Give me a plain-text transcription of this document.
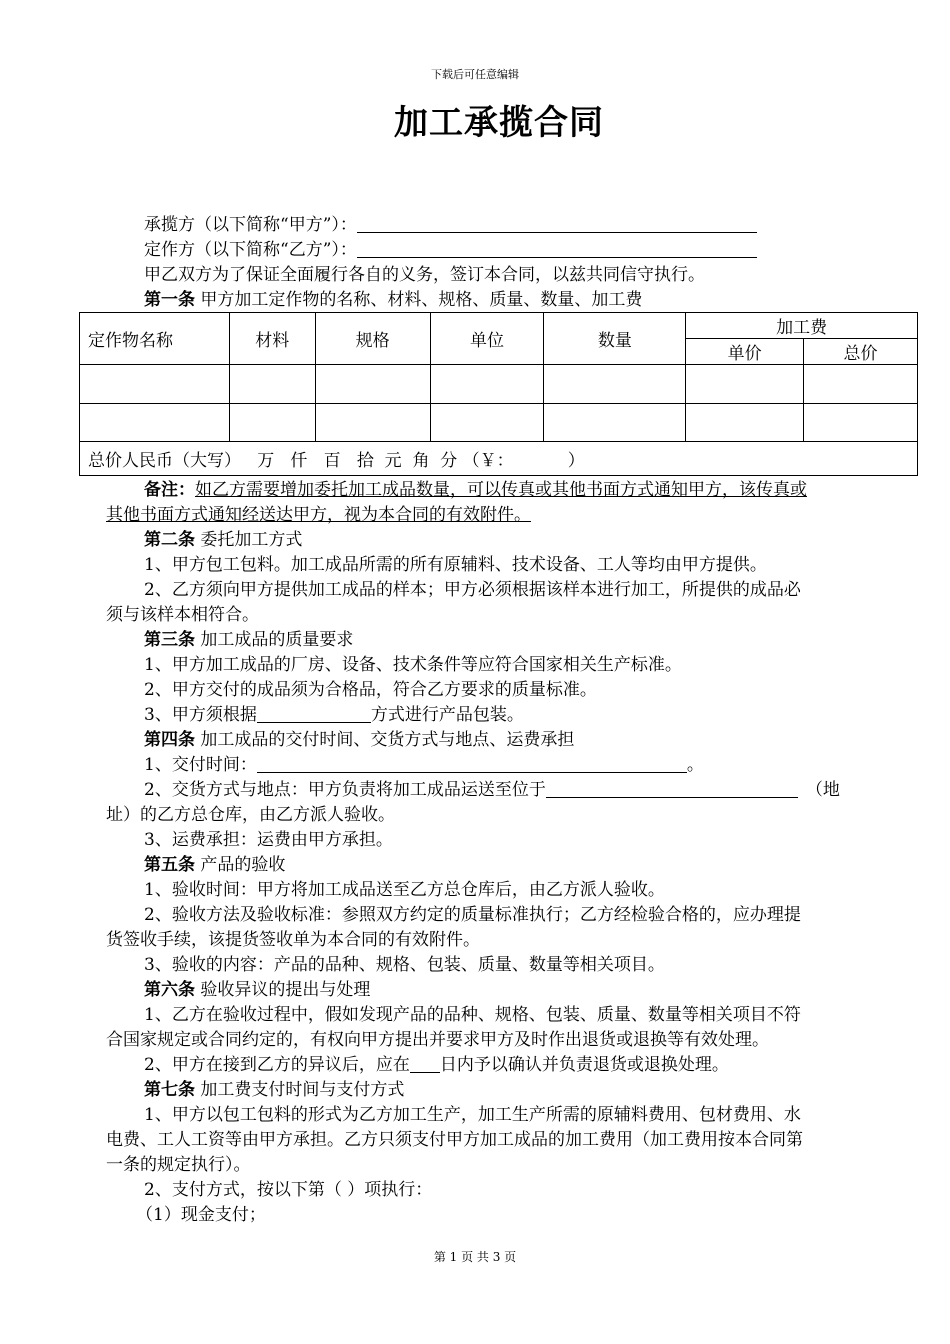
下载后可任意编辑
加工承揽合同
承揽方（以下简称“甲方”）：
定作方（以下简称“乙方”）：
甲乙双方为了保证全面履行各自的义务，签订本合同，以兹共同信守执行。
第一条 甲方加工定作物的名称、材料、规格、质量、数量、加工费
定作物名称	材料	规格	单位	数量	加工费	
					单价	总价

总价人民币（大写）   万   仟   百   拾  元  角  分 （￥：          ）						
备注：如乙方需要增加委托加工成品数量，可以传真或其他书面方式通知甲方，该传真或
其他书面方式通知经送达甲方，视为本合同的有效附件。
第二条 委托加工方式
1、甲方包工包料。加工成品所需的所有原辅料、技术设备、工人等均由甲方提供。
2、乙方须向甲方提供加工成品的样本；甲方必须根据该样本进行加工，所提供的成品必
须与该样本相符合。
第三条 加工成品的质量要求
1、甲方加工成品的厂房、设备、技术条件等应符合国家相关生产标准。
2、甲方交付的成品须为合格品，符合乙方要求的质量标准。
3、甲方须根据	方式进行产品包装。
第四条 加工成品的交付时间、交货方式与地点、运费承担
1、交付时间：	。
2、交货方式与地点：甲方负责将加工成品运送至位于	（地
址）的乙方总仓库，由乙方派人验收。
3、运费承担：运费由甲方承担。
第五条 产品的验收
1、验收时间：甲方将加工成品送至乙方总仓库后，由乙方派人验收。
2、验收方法及验收标准：参照双方约定的质量标准执行；乙方经检验合格的，应办理提
货签收手续，该提货签收单为本合同的有效附件。
3、验收的内容：产品的品种、规格、包装、质量、数量等相关项目。
第六条 验收异议的提出与处理
1、乙方在验收过程中，假如发现产品的品种、规格、包装、质量、数量等相关项目不符
合国家规定或合同约定的，有权向甲方提出并要求甲方及时作出退货或退换等有效处理。
2、甲方在接到乙方的异议后，应在 日内予以确认并负责退货或退换处理。
第七条 加工费支付时间与支付方式
1、甲方以包工包料的形式为乙方加工生产，加工生产所需的原辅料费用、包材费用、水
电费、工人工资等由甲方承担。乙方只须支付甲方加工成品的加工费用（加工费用按本合同第
一条的规定执行）。
2、支付方式，按以下第（ ）项执行：
（1）现金支付；
第 1 页 共 3 页
